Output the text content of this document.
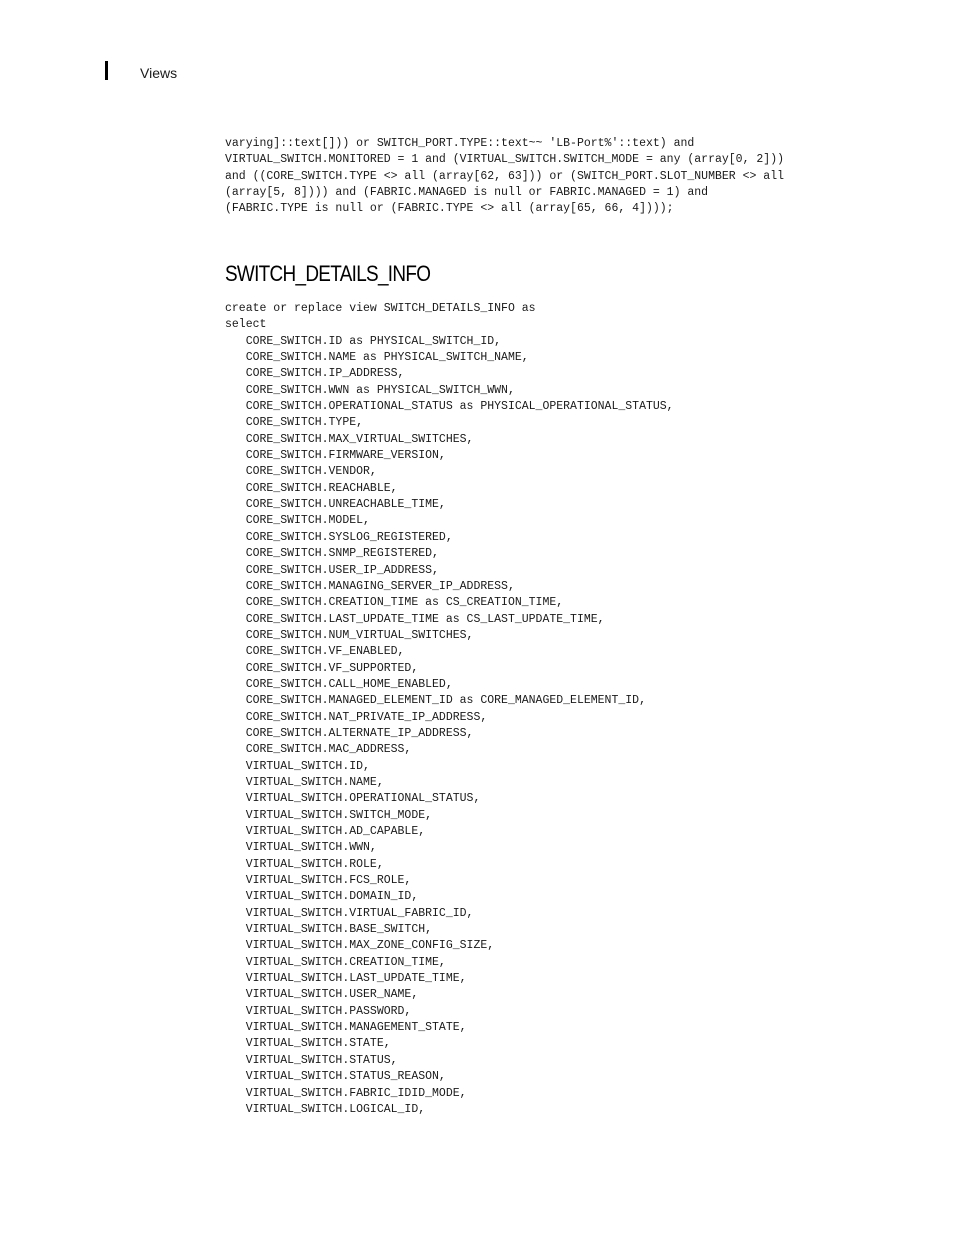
Views
varying]::text[])) or SWITCH_PORT.TYPE::text~~ 'LB-Port%'::text) and
VIRTUAL_SWITCH.MONITORED = 1 and (VIRTUAL_SWITCH.SWITCH_MODE = any (array[0, 2]))
and ((CORE_SWITCH.TYPE <> all (array[62, 63])) or (SWITCH_PORT.SLOT_NUMBER <> all
(array[5, 8]))) and (FABRIC.MANAGED is null or FABRIC.MANAGED = 1) and
(FABRIC.TYPE is null or (FABRIC.TYPE <> all (array[65, 66, 4])));
SWITCH_DETAILS_INFO
create or replace view SWITCH_DETAILS_INFO as
select
CORE_SWITCH.ID as PHYSICAL_SWITCH_ID,
CORE_SWITCH.NAME as PHYSICAL_SWITCH_NAME,
CORE_SWITCH.IP_ADDRESS,
CORE_SWITCH.WWN as PHYSICAL_SWITCH_WWN,
CORE_SWITCH.OPERATIONAL_STATUS as PHYSICAL_OPERATIONAL_STATUS,
CORE_SWITCH.TYPE,
CORE_SWITCH.MAX_VIRTUAL_SWITCHES,
CORE_SWITCH.FIRMWARE_VERSION,
CORE_SWITCH.VENDOR,
CORE_SWITCH.REACHABLE,
CORE_SWITCH.UNREACHABLE_TIME,
CORE_SWITCH.MODEL,
CORE_SWITCH.SYSLOG_REGISTERED,
CORE_SWITCH.SNMP_REGISTERED,
CORE_SWITCH.USER_IP_ADDRESS,
CORE_SWITCH.MANAGING_SERVER_IP_ADDRESS,
CORE_SWITCH.CREATION_TIME as CS_CREATION_TIME,
CORE_SWITCH.LAST_UPDATE_TIME as CS_LAST_UPDATE_TIME,
CORE_SWITCH.NUM_VIRTUAL_SWITCHES,
CORE_SWITCH.VF_ENABLED,
CORE_SWITCH.VF_SUPPORTED,
CORE_SWITCH.CALL_HOME_ENABLED,
CORE_SWITCH.MANAGED_ELEMENT_ID as CORE_MANAGED_ELEMENT_ID,
CORE_SWITCH.NAT_PRIVATE_IP_ADDRESS,
CORE_SWITCH.ALTERNATE_IP_ADDRESS,
CORE_SWITCH.MAC_ADDRESS,
VIRTUAL_SWITCH.ID,
VIRTUAL_SWITCH.NAME,
VIRTUAL_SWITCH.OPERATIONAL_STATUS,
VIRTUAL_SWITCH.SWITCH_MODE,
VIRTUAL_SWITCH.AD_CAPABLE,
VIRTUAL_SWITCH.WWN,
VIRTUAL_SWITCH.ROLE,
VIRTUAL_SWITCH.FCS_ROLE,
VIRTUAL_SWITCH.DOMAIN_ID,
VIRTUAL_SWITCH.VIRTUAL_FABRIC_ID,
VIRTUAL_SWITCH.BASE_SWITCH,
VIRTUAL_SWITCH.MAX_ZONE_CONFIG_SIZE,
VIRTUAL_SWITCH.CREATION_TIME,
VIRTUAL_SWITCH.LAST_UPDATE_TIME,
VIRTUAL_SWITCH.USER_NAME,
VIRTUAL_SWITCH.PASSWORD,
VIRTUAL_SWITCH.MANAGEMENT_STATE,
VIRTUAL_SWITCH.STATE,
VIRTUAL_SWITCH.STATUS,
VIRTUAL_SWITCH.STATUS_REASON,
VIRTUAL_SWITCH.FABRIC_IDID_MODE,
VIRTUAL_SWITCH.LOGICAL_ID,
